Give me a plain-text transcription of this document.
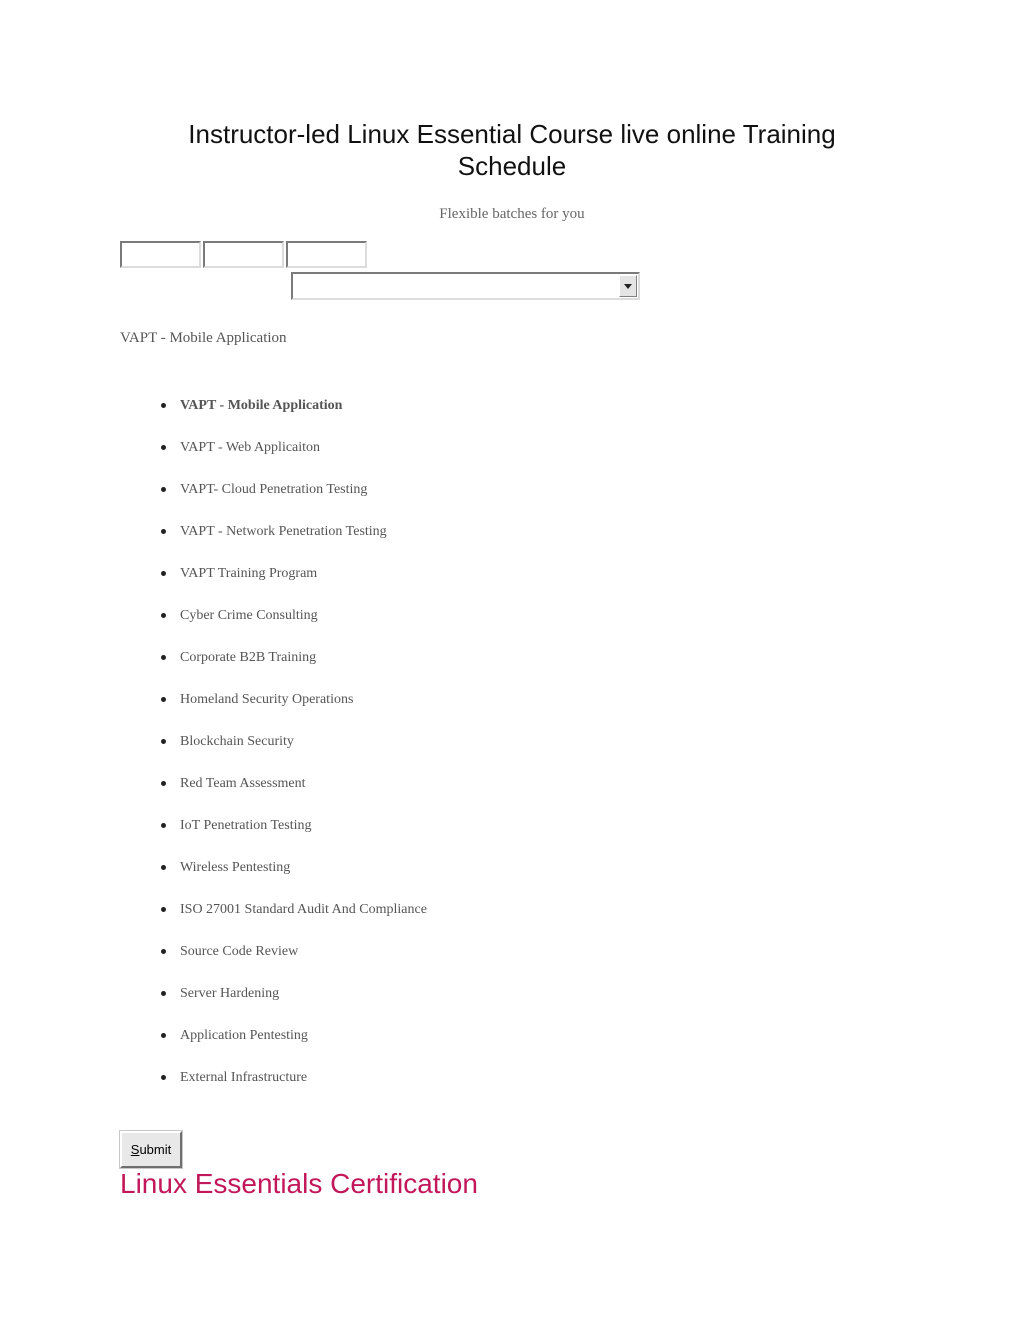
Instructor-led Linux Essential Course live online Training Schedule

Flexible batches for you

VAPT - Mobile Application

VAPT - Mobile Application
VAPT - Web Applicaiton
VAPT- Cloud Penetration Testing
VAPT - Network Penetration Testing
VAPT Training Program
Cyber Crime Consulting
Corporate B2B Training
Homeland Security Operations
Blockchain Security
Red Team Assessment
IoT Penetration Testing
Wireless Pentesting
ISO 27001 Standard Audit And Compliance
Source Code Review
Server Hardening
Application Pentesting
External Infrastructure
Submit
Linux Essentials Certification
